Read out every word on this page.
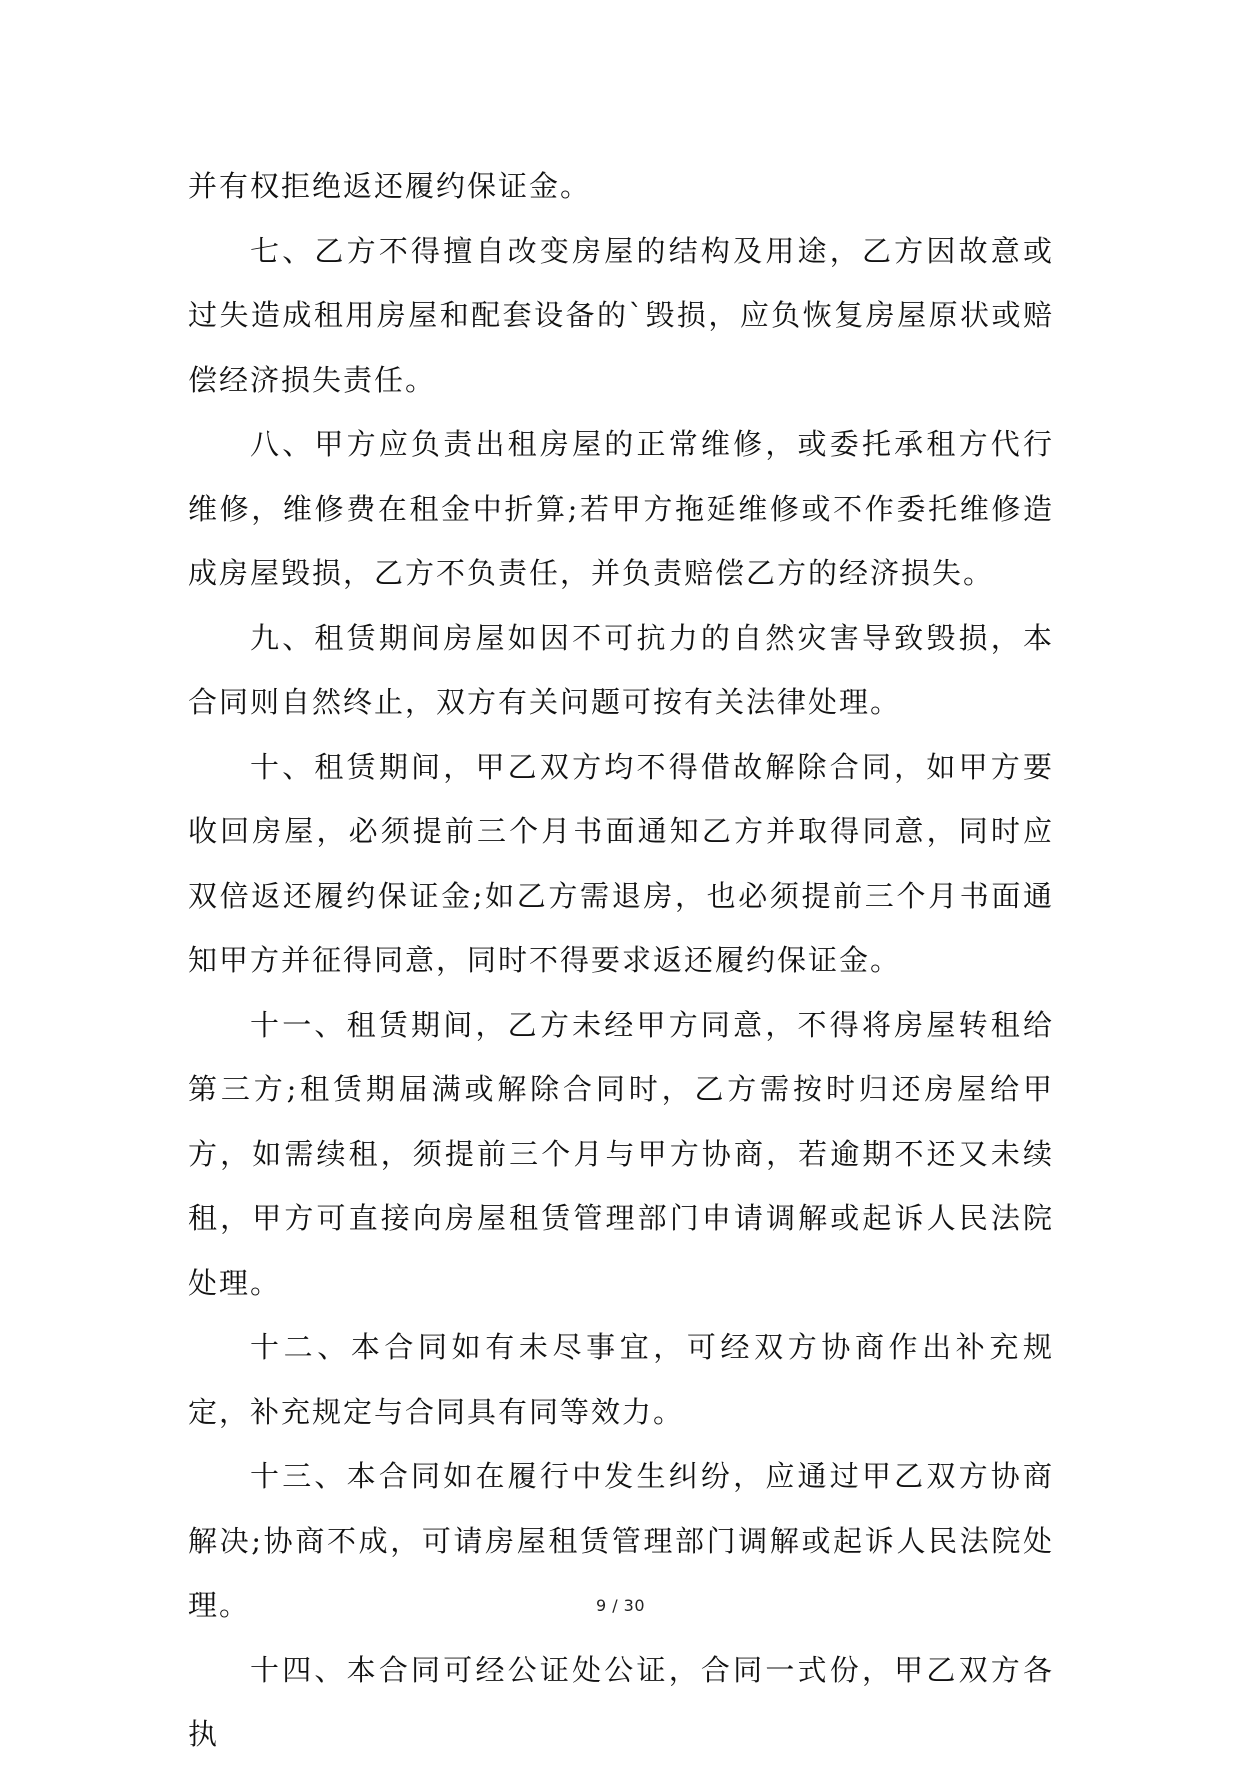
并有权拒绝返还履约保证金。

七、乙方不得擅自改变房屋的结构及用途，乙方因故意或过失造成租用房屋和配套设备的`毁损，应负恢复房屋原状或赔偿经济损失责任。

八、甲方应负责出租房屋的正常维修，或委托承租方代行维修，维修费在租金中折算;若甲方拖延维修或不作委托维修造成房屋毁损，乙方不负责任，并负责赔偿乙方的经济损失。

九、租赁期间房屋如因不可抗力的自然灾害导致毁损，本合同则自然终止，双方有关问题可按有关法律处理。

十、租赁期间，甲乙双方均不得借故解除合同，如甲方要收回房屋，必须提前三个月书面通知乙方并取得同意，同时应双倍返还履约保证金;如乙方需退房，也必须提前三个月书面通知甲方并征得同意，同时不得要求返还履约保证金。

十一、租赁期间，乙方未经甲方同意，不得将房屋转租给第三方;租赁期届满或解除合同时，乙方需按时归还房屋给甲方，如需续租，须提前三个月与甲方协商，若逾期不还又未续租，甲方可直接向房屋租赁管理部门申请调解或起诉人民法院处理。

十二、本合同如有未尽事宜，可经双方协商作出补充规定，补充规定与合同具有同等效力。

十三、本合同如在履行中发生纠纷，应通过甲乙双方协商解决;协商不成，可请房屋租赁管理部门调解或起诉人民法院处理。

十四、本合同可经公证处公证，合同一式份，甲乙双方各执

9 / 30
